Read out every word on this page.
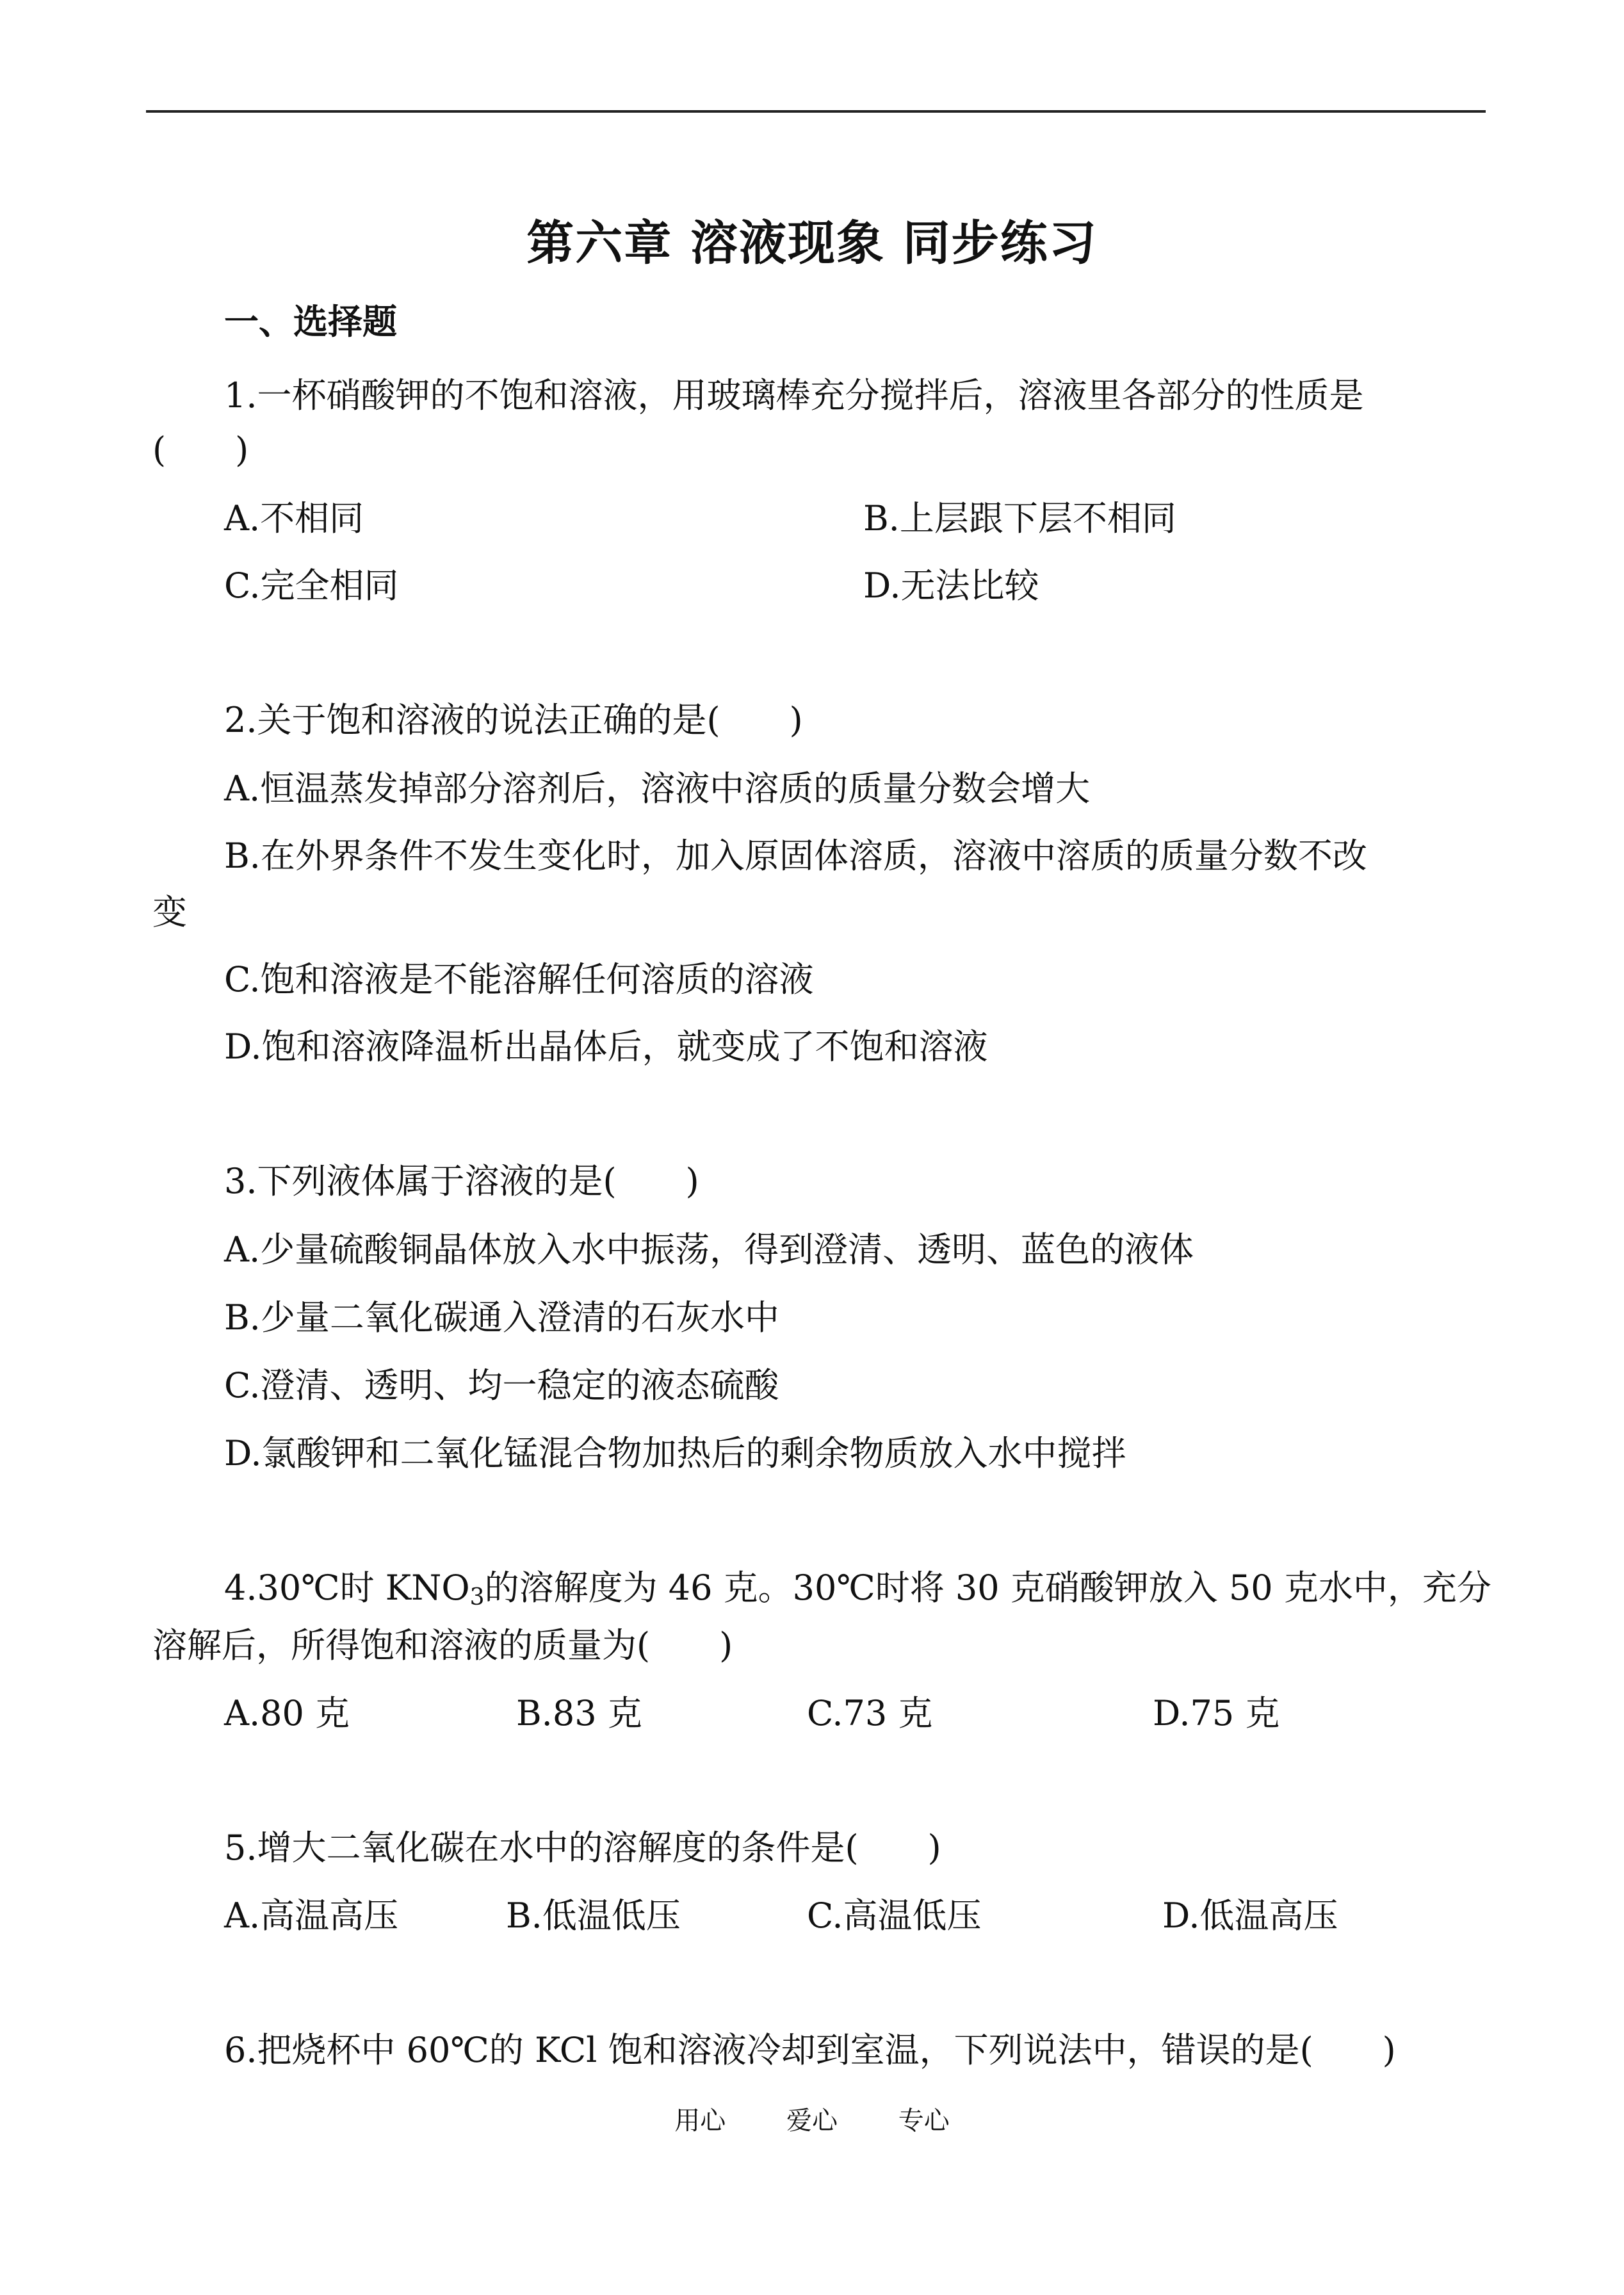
第六章 溶液现象 同步练习
一、选择题
1.一杯硝酸钾的不饱和溶液，用玻璃棒充分搅拌后，溶液里各部分的性质是
(　　)
A.不相同	B.上层跟下层不相同
C.完全相同	D.无法比较
2.关于饱和溶液的说法正确的是(　　)
A.恒温蒸发掉部分溶剂后，溶液中溶质的质量分数会增大
B.在外界条件不发生变化时，加入原固体溶质，溶液中溶质的质量分数不改
变
C.饱和溶液是不能溶解任何溶质的溶液
D.饱和溶液降温析出晶体后，就变成了不饱和溶液
3.下列液体属于溶液的是(　　)
A.少量硫酸铜晶体放入水中振荡，得到澄清、透明、蓝色的液体
B.少量二氧化碳通入澄清的石灰水中
C.澄清、透明、均一稳定的液态硫酸
D.氯酸钾和二氧化锰混合物加热后的剩余物质放入水中搅拌
4.30℃时 $KNO_3$的溶解度为 46 克。30℃时将 30 克硝酸钾放入 50 克水中，充分
溶解后，所得饱和溶液的质量为(　　)
A.80 克	B.83 克	C.73 克	D.75 克
5.增大二氧化碳在水中的溶解度的条件是(　　)
A.高温高压	B.低温低压	C.高温低压	D.低温高压
6.把烧杯中 60℃的 KCl 饱和溶液冷却到室温，下列说法中，错误的是(　　)
用心 爱心 专心
